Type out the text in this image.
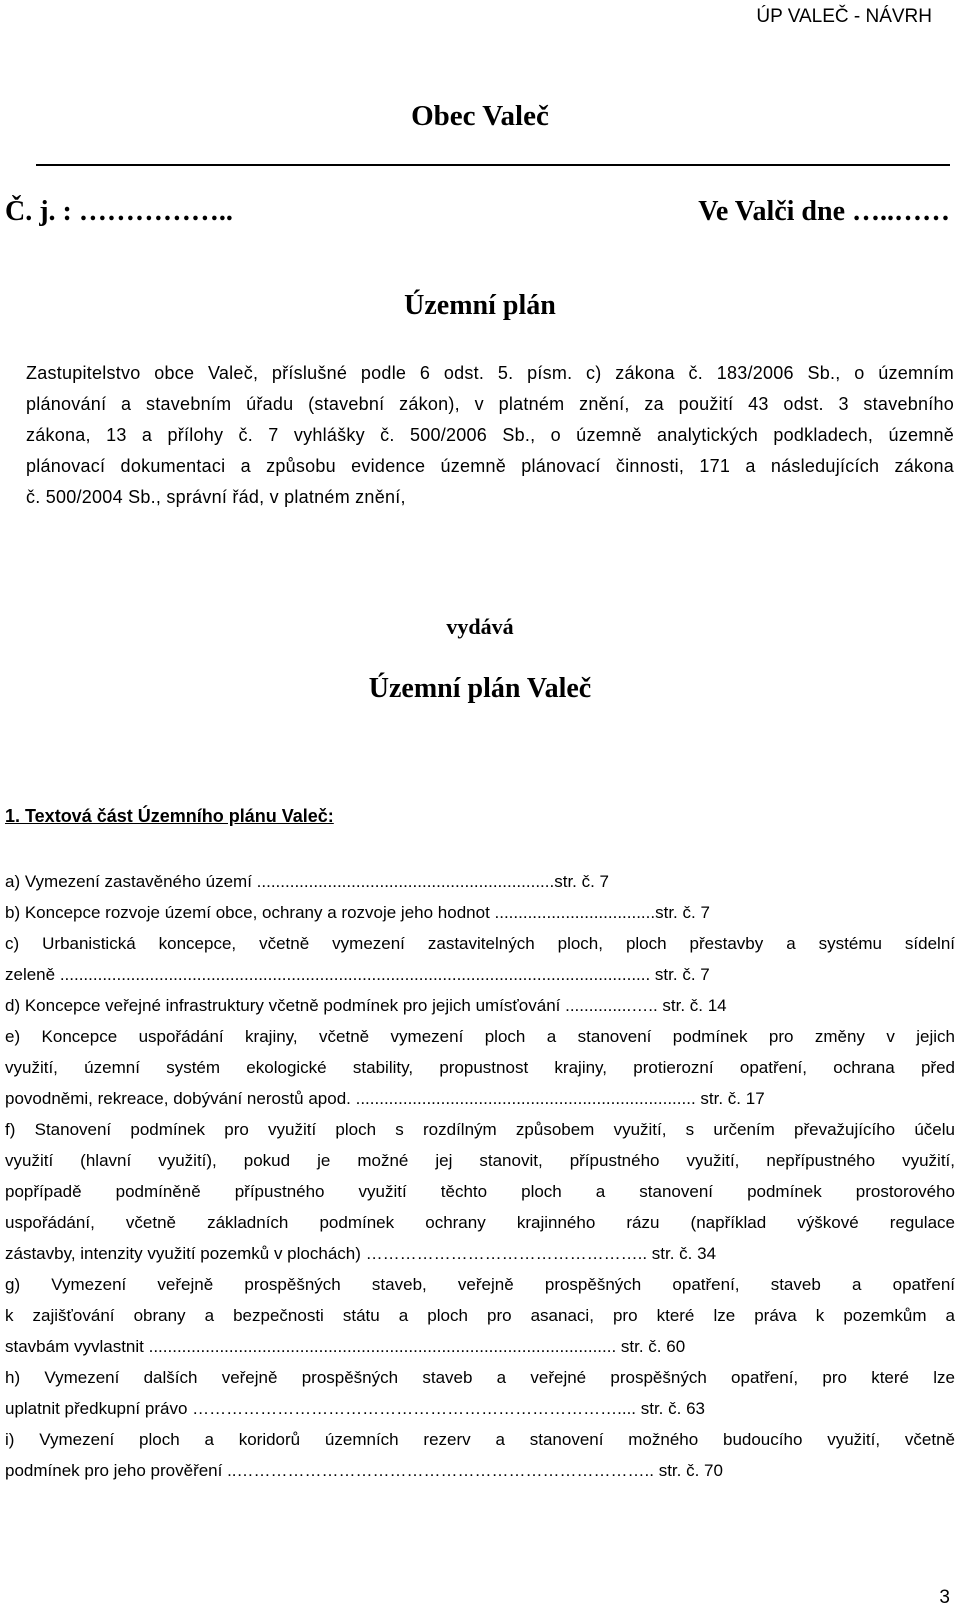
ÚP VALEČ - NÁVRH
Obec Valeč
Č. j. : ……………..	Ve Valči dne …..……
Územní plán
Zastupitelstvo obce Valeč, příslušné podle 6 odst. 5. písm. c) zákona č. 183/2006 Sb., o územním
plánování a stavebním úřadu (stavební zákon), v platném znění, za použití 43 odst. 3 stavebního
zákona, 13 a přílohy č. 7 vyhlášky č. 500/2006 Sb., o územně analytických podkladech, územně
plánovací dokumentaci a způsobu evidence územně plánovací činnosti, 171 a následujících zákona
č. 500/2004 Sb., správní řád, v platném znění,
vydává
Územní plán Valeč
1. Textová část Územního plánu Valeč:
a) Vymezení zastavěného území ...............................................................str. č. 7
b) Koncepce rozvoje území obce, ochrany a rozvoje jeho hodnot ..................................str. č. 7
c) Urbanistická koncepce, včetně vymezení zastavitelných ploch, ploch přestavby a systému sídelní
zeleně ............................................................................................................................. str. č. 7
d) Koncepce veřejné infrastruktury včetně podmínek pro jejich umísťování ..............….. str. č. 14
e) Koncepce uspořádání krajiny, včetně vymezení ploch a stanovení podmínek pro změny v jejich
využití, územní systém ekologické stability, propustnost krajiny, protierozní opatření, ochrana před
povodněmi, rekreace, dobývání nerostů apod. ........................................................................ str. č. 17
f) Stanovení podmínek pro využití ploch s rozdílným způsobem využití, s určením převažujícího účelu
využití (hlavní využití), pokud je možné jej stanovit, přípustného využití, nepřípustného využití,
popřípadě podmíněně přípustného využití těchto ploch a stanovení podmínek prostorového
uspořádání, včetně základních podmínek ochrany krajinného rázu (například výškové regulace
zástavby, intenzity využití pozemků v plochách) ………………………………………….. str. č. 34
g) Vymezení veřejně prospěšných staveb, veřejně prospěšných opatření, staveb a opatření
k zajišťování obrany a bezpečnosti státu a ploch pro asanaci, pro které lze práva k pozemkům a
stavbám vyvlastnit ................................................................................................... str. č. 60
h) Vymezení dalších veřejně prospěšných staveb a veřejné prospěšných opatření, pro které lze
uplatnit předkupní právo ………………………………………………………………….... str. č. 63
i) Vymezení ploch a koridorů územních rezerv a stanovení možného budoucího využití, včetně
podmínek pro jeho prověření ..……………………………………………………………….. str. č. 70
3
